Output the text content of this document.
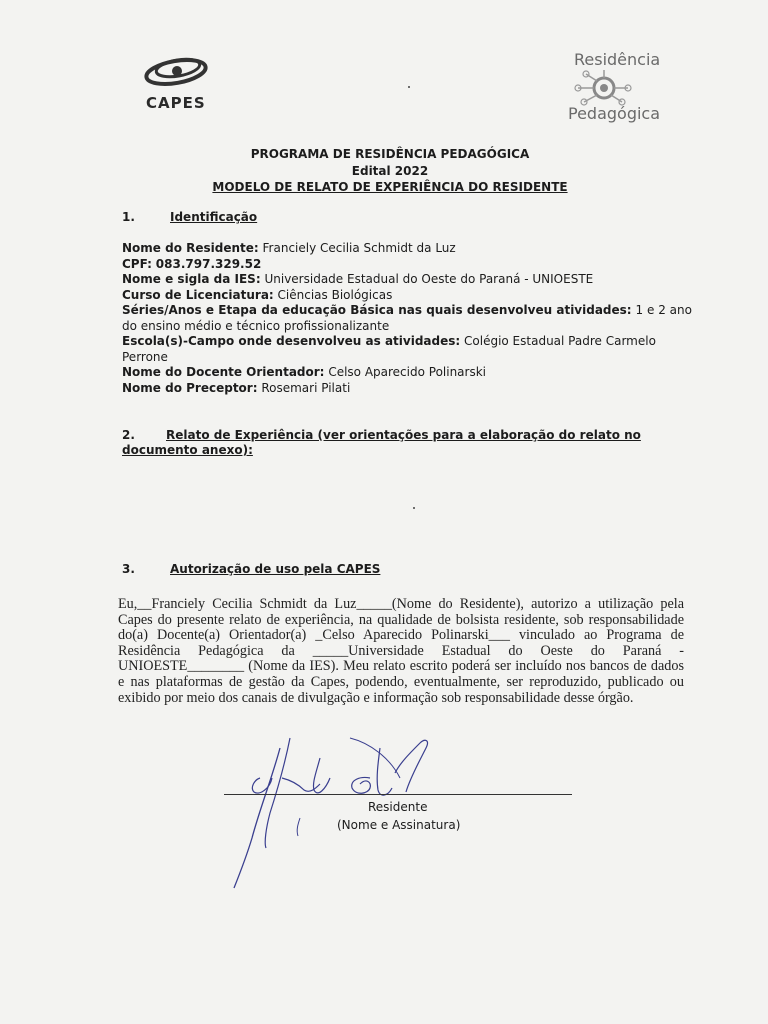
CAPES
Residência
Pedagógica
PROGRAMA DE RESIDÊNCIA PEDAGÓGICA
Edital 2022
MODELO DE RELATO DE EXPERIÊNCIA DO RESIDENTE
1.	Identificação

Nome do Residente: Franciely Cecilia Schmidt da Luz

CPF: 083.797.329.52

Nome e sigla da IES: Universidade Estadual do Oeste do Paraná - UNIOESTE

Curso de Licenciatura: Ciências Biológicas

Séries/Anos e Etapa da educação Básica nas quais desenvolveu atividades: 1 e 2 ano do ensino médio e técnico profissionalizante

Escola(s)-Campo onde desenvolveu as atividades: Colégio Estadual Padre Carmelo Perrone

Nome do Docente Orientador: Celso Aparecido Polinarski

Nome do Preceptor: Rosemari Pilati

2.	Relato de Experiência (ver orientações para a elaboração do relato no documento anexo):
3.	Autorização de uso pela CAPES
Eu,__Franciely Cecilia Schmidt da Luz_____(Nome do Residente), autorizo a utilização pela Capes do presente relato de experiência, na qualidade de bolsista residente, sob responsabilidade do(a) Docente(a) Orientador(a) _Celso Aparecido Polinarski___ vinculado ao Programa de Residência Pedagógica da _____Universidade Estadual do Oeste do Paraná - UNIOESTE________ (Nome da IES). Meu relato escrito poderá ser incluído nos bancos de dados e nas plataformas de gestão da Capes, podendo, eventualmente, ser reproduzido, publicado ou exibido por meio dos canais de divulgação e informação sob responsabilidade desse órgão.
Residente
(Nome e Assinatura)
